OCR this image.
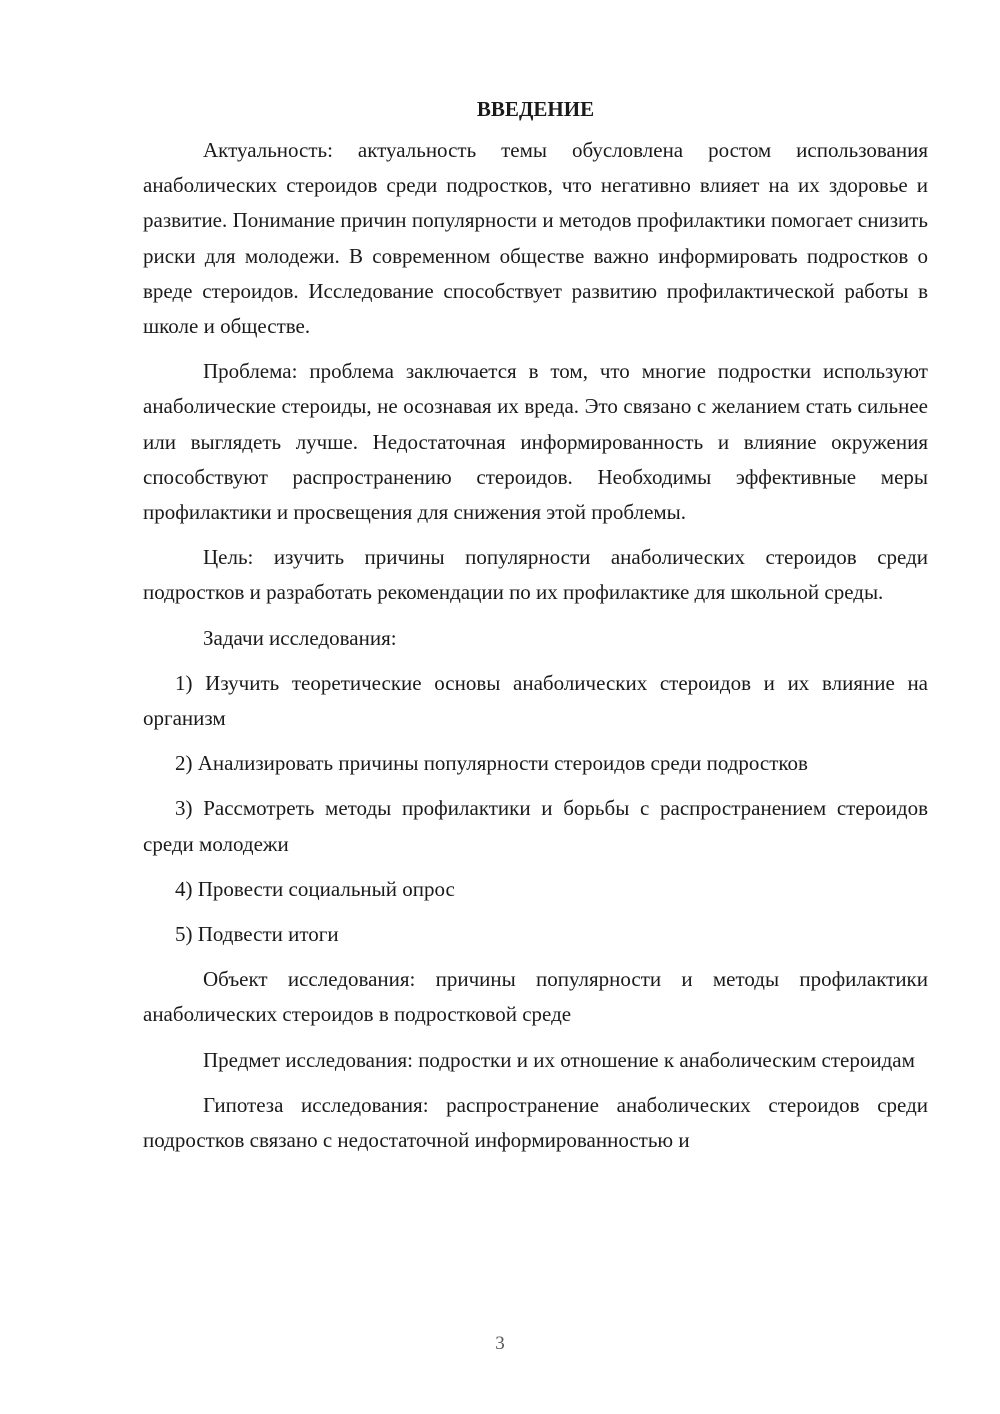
ВВЕДЕНИЕ

Актуальность: актуальность темы обусловлена ростом использования анаболических стероидов среди подростков, что негативно влияет на их здоровье и развитие. Понимание причин популярности и методов профилактики помогает снизить риски для молодежи. В современном обществе важно информировать подростков о вреде стероидов. Исследование способствует развитию профилактической работы в школе и обществе.

Проблема: проблема заключается в том, что многие подростки используют анаболические стероиды, не осознавая их вреда. Это связано с желанием стать сильнее или выглядеть лучше. Недостаточная информированность и влияние окружения способствуют распространению стероидов. Необходимы эффективные меры профилактики и просвещения для снижения этой проблемы.

Цель: изучить причины популярности анаболических стероидов среди подростков и разработать рекомендации по их профилактике для школьной среды.

Задачи исследования:

1) Изучить теоретические основы анаболических стероидов и их влияние на организм

2) Анализировать причины популярности стероидов среди подростков

3) Рассмотреть методы профилактики и борьбы с распространением стероидов среди молодежи

4) Провести социальный опрос

5) Подвести итоги

Объект исследования: причины популярности и методы профилактики анаболических стероидов в подростковой среде

Предмет исследования: подростки и их отношение к анаболическим стероидам

Гипотеза исследования: распространение анаболических стероидов среди подростков связано с недостаточной информированностью и

3
